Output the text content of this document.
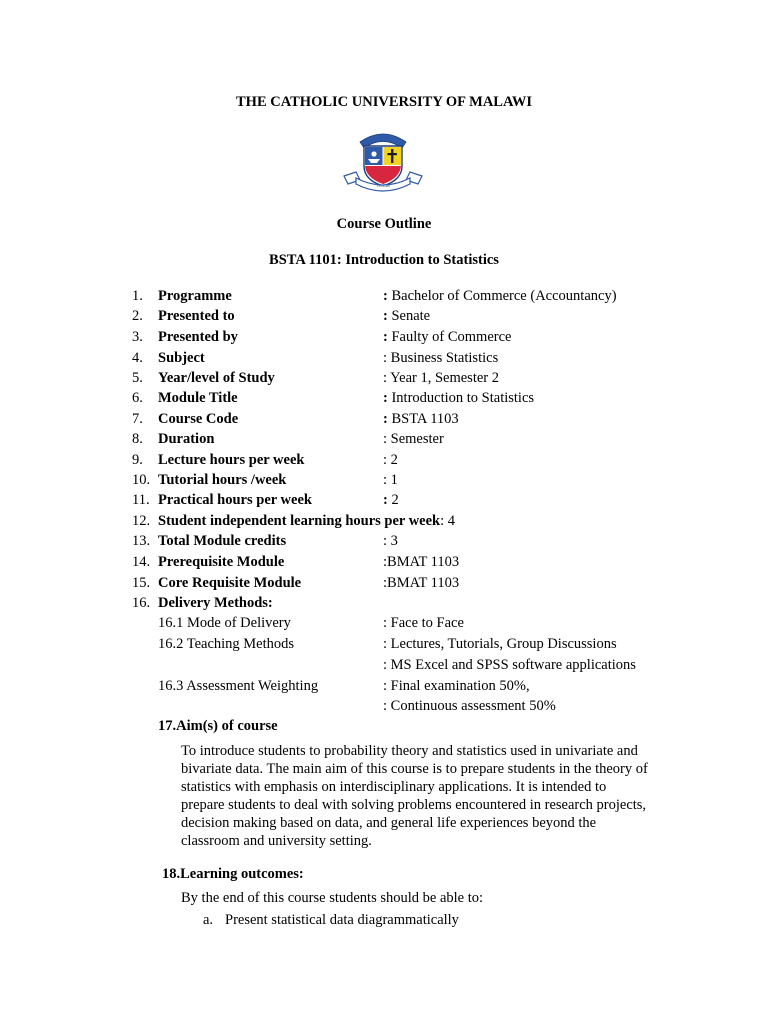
THE CATHOLIC UNIVERSITY OF MALAWI
Veritas
Course Outline
BSTA 1101: Introduction to Statistics
1.	Programme	: Bachelor of Commerce (Accountancy)
2.	Presented to	: Senate
3.	Presented by	: Faulty of Commerce
4.	Subject	: Business Statistics
5.	Year/level of Study	: Year 1, Semester 2
6.	Module Title	: Introduction to Statistics
7.	Course Code	: BSTA 1103
8.	Duration	: Semester
9.	Lecture hours per week	: 2
10. Tutorial hours /week	: 1
11. Practical hours per week	: 2
12. Student independent learning hours per week: 4
13. Total Module credits	: 3
14. Prerequisite Module	:BMAT 1103
15. Core Requisite Module	:BMAT 1103
16. Delivery Methods:
16.1 Mode of Delivery	: Face to Face
16.2 Teaching Methods	: Lectures, Tutorials, Group Discussions
: MS Excel and SPSS software applications
16.3 Assessment Weighting	: Final examination 50%,
: Continuous assessment 50%
17.Aim(s) of course
To introduce students to probability theory and statistics used in univariate and bivariate data. The main aim of this course is to prepare students in the theory of statistics with emphasis on interdisciplinary applications. It is intended to prepare students to deal with solving problems encountered in research projects, decision making based on data, and general life experiences beyond the classroom and university setting.
18.Learning outcomes:
By the end of this course students should be able to:
a. Present statistical data diagrammatically
